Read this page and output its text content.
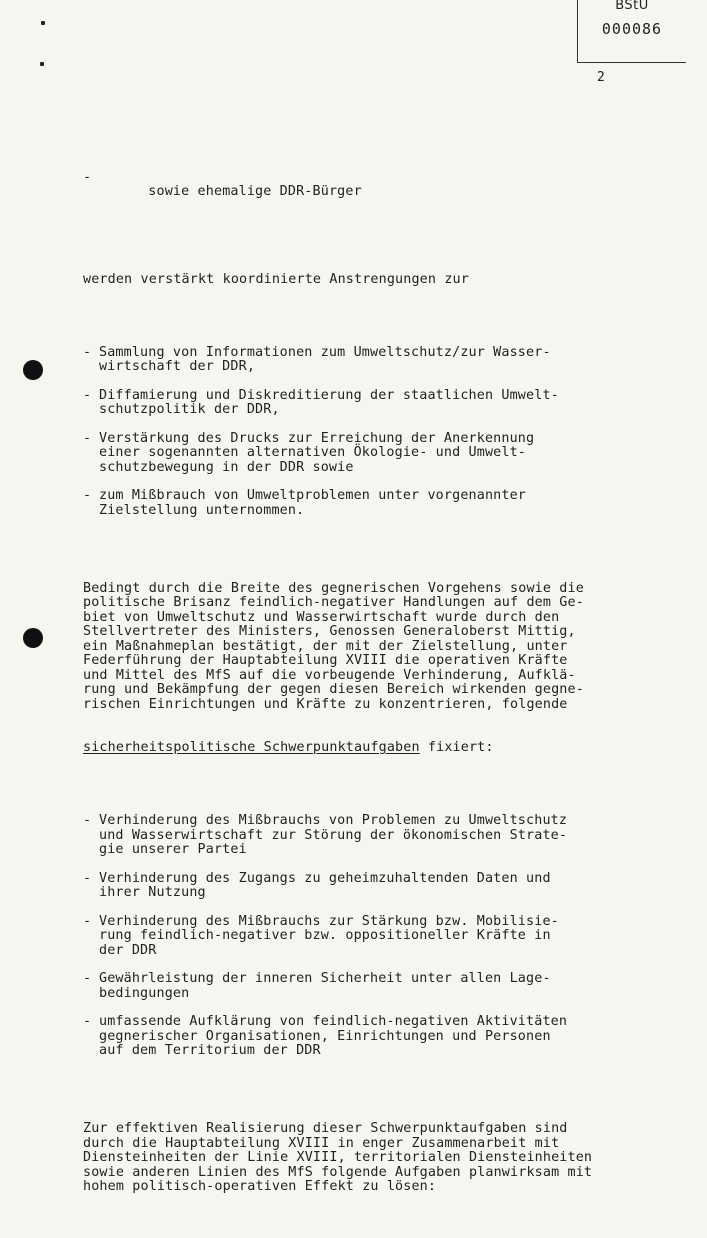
BStU
000086
2

-
sowie ehemalige DDR-Bürger

werden verstärkt koordinierte Anstrengungen zur

- Sammlung von Informationen zum Umweltschutz/zur Wasser-
wirtschaft der DDR,
- Diffamierung und Diskreditierung der staatlichen Umwelt-
schutzpolitik der DDR,
- Verstärkung des Drucks zur Erreichung der Anerkennung
einer sogenannten alternativen Ökologie- und Umwelt-
schutzbewegung in der DDR sowie
- zum Mißbrauch von Umweltproblemen unter vorgenannter
Zielstellung unternommen.

Bedingt durch die Breite des gegnerischen Vorgehens sowie die
politische Brisanz feindlich-negativer Handlungen auf dem Ge-
biet von Umweltschutz und Wasserwirtschaft wurde durch den
Stellvertreter des Ministers, Genossen Generaloberst Mittig,
ein Maßnahmeplan bestätigt, der mit der Zielstellung, unter
Federführung der Hauptabteilung XVIII die operativen Kräfte
und Mittel des MfS auf die vorbeugende Verhinderung, Aufklä-
rung und Bekämpfung der gegen diesen Bereich wirkenden gegne-
rischen Einrichtungen und Kräfte zu konzentrieren, folgende

sicherheitspolitische Schwerpunktaufgaben fixiert:

- Verhinderung des Mißbrauchs von Problemen zu Umweltschutz
und Wasserwirtschaft zur Störung der ökonomischen Strate-
gie unserer Partei
- Verhinderung des Zugangs zu geheimzuhaltenden Daten und
ihrer Nutzung
- Verhinderung des Mißbrauchs zur Stärkung bzw. Mobilisie-
rung feindlich-negativer bzw. oppositioneller Kräfte in
der DDR
- Gewährleistung der inneren Sicherheit unter allen Lage-
bedingungen
- umfassende Aufklärung von feindlich-negativen Aktivitäten
gegnerischer Organisationen, Einrichtungen und Personen
auf dem Territorium der DDR

Zur effektiven Realisierung dieser Schwerpunktaufgaben sind
durch die Hauptabteilung XVIII in enger Zusammenarbeit mit
Diensteinheiten der Linie XVIII, territorialen Diensteinheiten
sowie anderen Linien des MfS folgende Aufgaben planwirksam mit
hohem politisch-operativen Effekt zu lösen:
